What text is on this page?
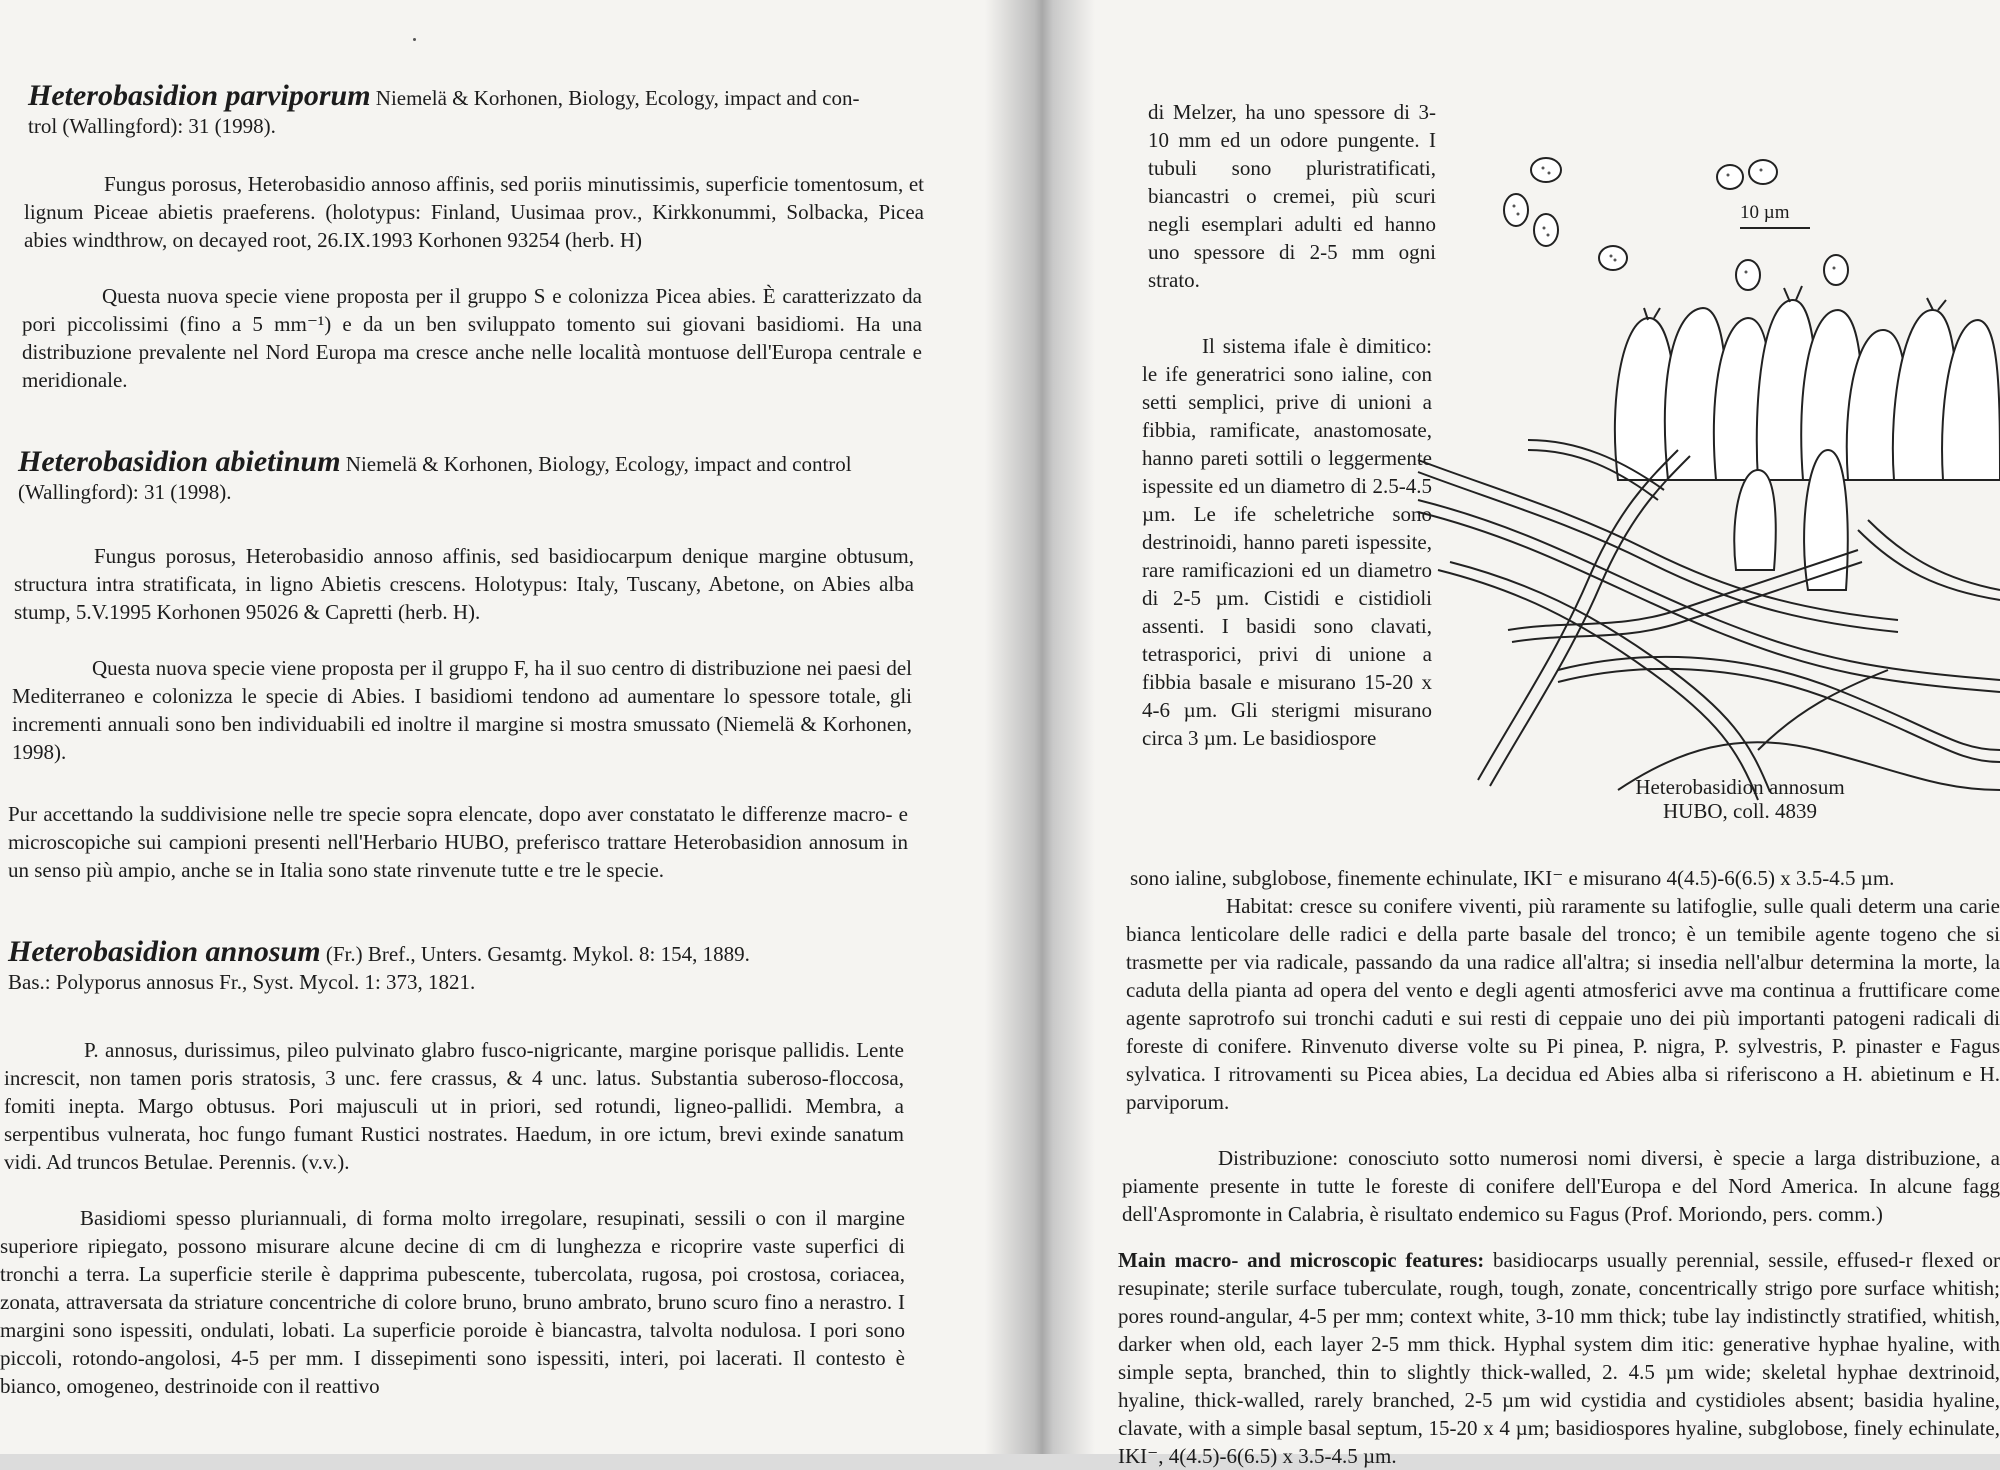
Heterobasidion parviporum Niemelä & Korhonen, Biology, Ecology, impact and con-
trol (Wallingford): 31 (1998).

Fungus porosus, Heterobasidio annoso affinis, sed poriis minutissimis, superficie tomentosum, et lignum Piceae abietis praeferens. (holotypus: Finland, Uusimaa prov., Kirkkonummi, Solbacka, Picea abies windthrow, on decayed root, 26.IX.1993 Korhonen 93254 (herb. H)

Questa nuova specie viene proposta per il gruppo S e colonizza Picea abies. È caratterizzato da pori piccolissimi (fino a 5 mm⁻¹) e da un ben sviluppato tomento sui giovani basidiomi. Ha una distribuzione prevalente nel Nord Europa ma cresce anche nelle località montuose dell'Europa centrale e meridionale.

Heterobasidion abietinum Niemelä & Korhonen, Biology, Ecology, impact and control
(Wallingford): 31 (1998).

Fungus porosus, Heterobasidio annoso affinis, sed basidiocarpum denique margine obtusum, structura intra stratificata, in ligno Abietis crescens. Holotypus: Italy, Tuscany, Abetone, on Abies alba stump, 5.V.1995 Korhonen 95026 & Capretti (herb. H).

Questa nuova specie viene proposta per il gruppo F, ha il suo centro di distribuzione nei paesi del Mediterraneo e colonizza le specie di Abies. I basidiomi tendono ad aumentare lo spessore totale, gli incrementi annuali sono ben individuabili ed inoltre il margine si mostra smussato (Niemelä & Korhonen, 1998).

Pur accettando la suddivisione nelle tre specie sopra elencate, dopo aver constatato le differenze macro- e microscopiche sui campioni presenti nell'Herbario HUBO, preferisco trattare Heterobasidion annosum in un senso più ampio, anche se in Italia sono state rinvenute tutte e tre le specie.

Heterobasidion annosum (Fr.) Bref., Unters. Gesamtg. Mykol. 8: 154, 1889.
Bas.: Polyporus annosus Fr., Syst. Mycol. 1: 373, 1821.

P. annosus, durissimus, pileo pulvinato glabro fusco-nigricante, margine porisque pallidis. Lente increscit, non tamen poris stratosis, 3 unc. fere crassus, & 4 unc. latus. Substantia suberoso-floccosa, fomiti inepta. Margo obtusus. Pori majusculi ut in priori, sed rotundi, ligneo-pallidi. Membra, a serpentibus vulnerata, hoc fungo fumant Rustici nostrates. Haedum, in ore ictum, brevi exinde sanatum vidi. Ad truncos Betulae. Perennis. (v.v.).

Basidiomi spesso pluriannuali, di forma molto irregolare, resupinati, sessili o con il margine superiore ripiegato, possono misurare alcune decine di cm di lunghezza e ricoprire vaste superfici di tronchi a terra. La superficie sterile è dapprima pubescente, tubercolata, rugosa, poi crostosa, coriacea, zonata, attraversata da striature concentriche di colore bruno, bruno ambrato, bruno scuro fino a nerastro. I margini sono ispessiti, ondulati, lobati. La superficie poroide è biancastra, talvolta nodulosa. I pori sono piccoli, rotondo-angolosi, 4-5 per mm. I dissepimenti sono ispessiti, interi, poi lacerati. Il contesto è bianco, omogeneo, destrinoide con il reattivo

di Melzer, ha uno spessore di 3-10 mm ed un odore pungente. I tubuli sono pluristratificati, biancastri o cremei, più scuri negli esemplari adulti ed hanno uno spessore di 2-5 mm ogni strato.

Il sistema ifale è dimitico: le ife generatrici sono ialine, con setti semplici, prive di unioni a fibbia, ramificate, anastomosate, hanno pareti sottili o leggermente ispessite ed un diametro di 2.5-4.5 µm. Le ife scheletriche sono destrinoidi, hanno pareti ispessite, rare ramificazioni ed un diametro di 2-5 µm. Cistidi e cistidioli assenti. I basidi sono clavati, tetrasporici, privi di unione a fibbia basale e misurano 15-20 x 4-6 µm. Gli sterigmi misurano circa 3 µm. Le basidiospore

sono ialine, subglobose, finemente echinulate, IKI⁻ e misurano 4(4.5)-6(6.5) x 3.5-4.5 µm.

Habitat: cresce su conifere viventi, più raramente su latifoglie, sulle quali determ una carie bianca lenticolare delle radici e della parte basale del tronco; è un temibile agente togeno che si trasmette per via radicale, passando da una radice all'altra; si insedia nell'albur determina la morte, la caduta della pianta ad opera del vento e degli agenti atmosferici avve ma continua a fruttificare come agente saprotrofo sui tronchi caduti e sui resti di ceppaie uno dei più importanti patogeni radicali di foreste di conifere. Rinvenuto diverse volte su Pi pinea, P. nigra, P. sylvestris, P. pinaster e Fagus sylvatica. I ritrovamenti su Picea abies, La decidua ed Abies alba si riferiscono a H. abietinum e H. parviporum.

Distribuzione: conosciuto sotto numerosi nomi diversi, è specie a larga distribuzione, a piamente presente in tutte le foreste di conifere dell'Europa e del Nord America. In alcune fagg dell'Aspromonte in Calabria, è risultato endemico su Fagus (Prof. Moriondo, pers. comm.)

Main macro- and microscopic features: basidiocarps usually perennial, sessile, effused-r flexed or resupinate; sterile surface tuberculate, rough, tough, zonate, concentrically strigo pore surface whitish; pores round-angular, 4-5 per mm; context white, 3-10 mm thick; tube lay indistinctly stratified, whitish, darker when old, each layer 2-5 mm thick. Hyphal system dim itic: generative hyphae hyaline, with simple septa, branched, thin to slightly thick-walled, 2. 4.5 µm wide; skeletal hyphae dextrinoid, hyaline, thick-walled, rarely branched, 2-5 µm wid cystidia and cystidioles absent; basidia hyaline, clavate, with a simple basal septum, 15-20 x 4 µm; basidiospores hyaline, subglobose, finely echinulate, IKI⁻, 4(4.5)-6(6.5) x 3.5-4.5 µm.

10 µm
Heterobasidion annosum
HUBO, coll. 4839
